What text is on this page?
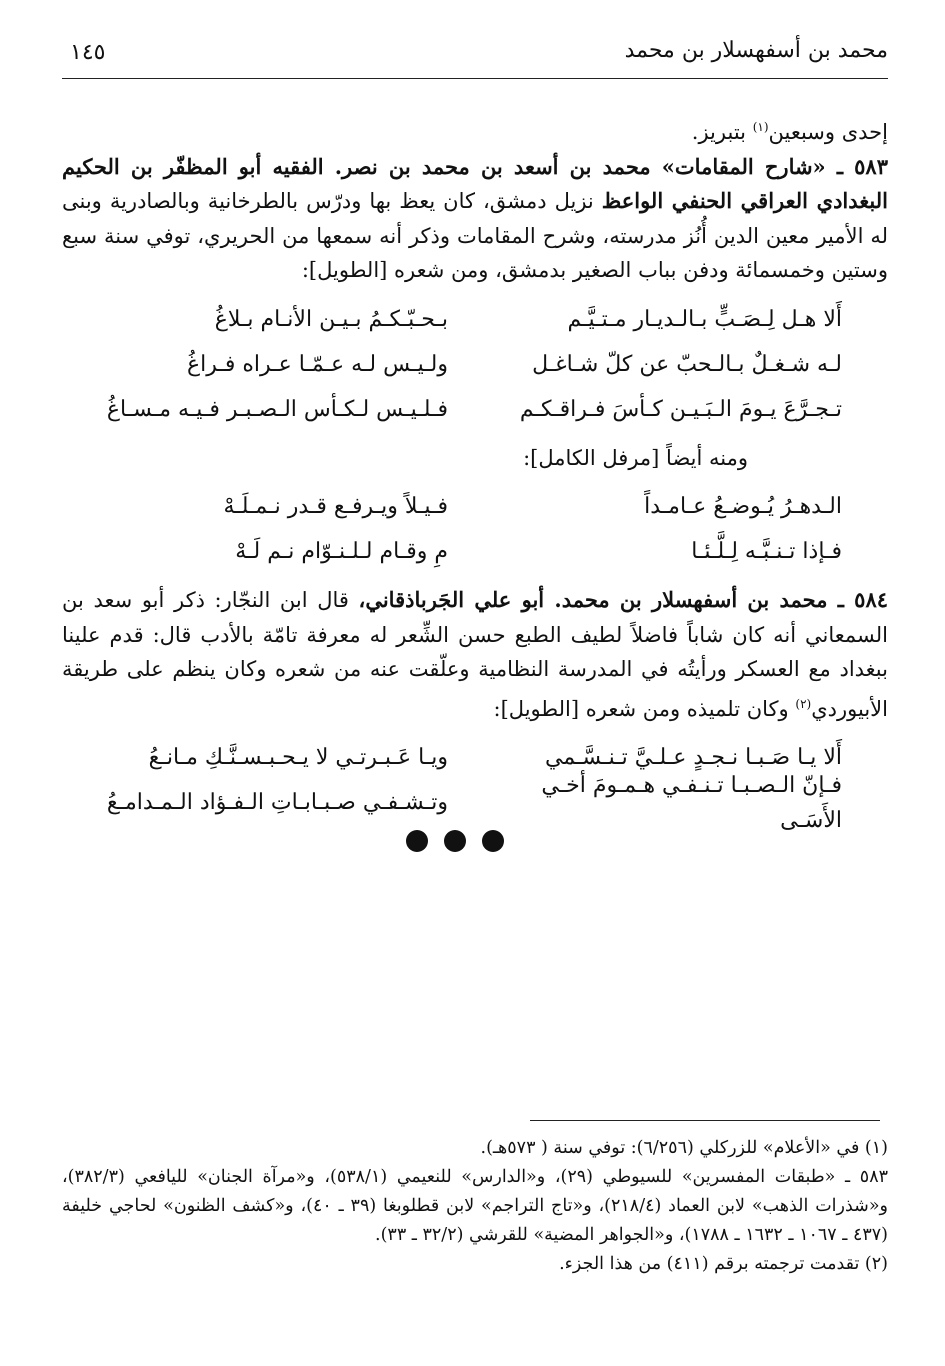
محمد بن أسفهسلار بن محمد
١٤٥

إحدى وسبعين$^{(١)}$ بتبريز.

٥٨٣ ـ «شارح المقامات» محمد بن أسعد بن محمد بن نصر. الفقيه أبو المظفّر بن الحكيم البغدادي العراقي الحنفي الواعظ نزيل دمشق، كان يعظ بها ودرّس بالطرخانية وبالصادرية وبنى له الأمير معين الدين أُنُز مدرسته، وشرح المقامات وذكر أنه سمعها من الحريري، توفي سنة سبع وستين وخمسمائة ودفن بباب الصغير بدمشق، ومن شعره [الطويل]:

أَلا هـل لِـصَـبٍّ بـالـديـار مـتـيَّـم
بـحـبّـكـمُ بـيـن الأنـام بـلاغُ
لـه شـغـلٌ بـالـحبّ عن كلّ شـاغـل
ولـيـس لـه عـمّـا عـراه فـراغُ
تـجـرَّعَ يـومَ الـبَـيـن كـأسَ فـراقـكـم
فـلـيـس لـكـأس الـصـبـر فـيـه مـسـاغُ

ومنه أيضاً [مرفل الكامل]:

الـدهـرُ يُـوضـعُ عـامـداً
فـيـلاً ويـرفـع قـدر نـمـلَـهْ
فـإذا تـنـبَّـه لِـلَّـئـا
مِ وقـام لـلـنـوّام نـم لَـهْ

٥٨٤ ـ محمد بن أسفهسلار بن محمد. أبو علي الجَرباذقاني، قال ابن النجّار: ذكر أبو سعد بن السمعاني أنه كان شاباً فاضلاً لطيف الطبع حسن الشِّعر له معرفة تامّة بالأدب قال: قدم علينا ببغداد مع العسكر ورأيتُه في المدرسة النظامية وعلّقت عنه من شعره وكان ينظم على طريقة الأبيوردي$^{(٢)}$ وكان تلميذه ومن شعره [الطويل]:

أَلا يـا صَـبـا نـجـدٍ عـلـيَّ تـنـسَّـمي
ويـا عَـبـرتـي لا يـحـبـسـنَّـكِ مـانـعُ
فـإنّ الـصـبـا تـنـفـي هـمـومَ أخـي الأَسَـى
وتـشـفـي صـبـابـاتِ الـفـؤاد الـمـدامـعُ

(١) في «الأعلام» للزركلي (٦/٢٥٦): توفي سنة ( ٥٧٣هـ).

٥٨٣ ـ «طبقات المفسرين» للسيوطي (٢٩)، و«الدارس» للنعيمي (٥٣٨/١)، و«مرآة الجنان» لليافعي (٣٨٢/٣)، و«شذرات الذهب» لابن العماد (٢١٨/٤)، و«تاج التراجم» لابن قطلوبغا (٣٩ ـ ٤٠)، و«كشف الظنون» لحاجي خليفة (٤٣٧ ـ ١٠٦٧ ـ ١٦٣٢ ـ ١٧٨٨)، و«الجواهر المضية» للقرشي (٣٢/٢ ـ ٣٣).

(٢) تقدمت ترجمته برقم (٤١١) من هذا الجزء.
